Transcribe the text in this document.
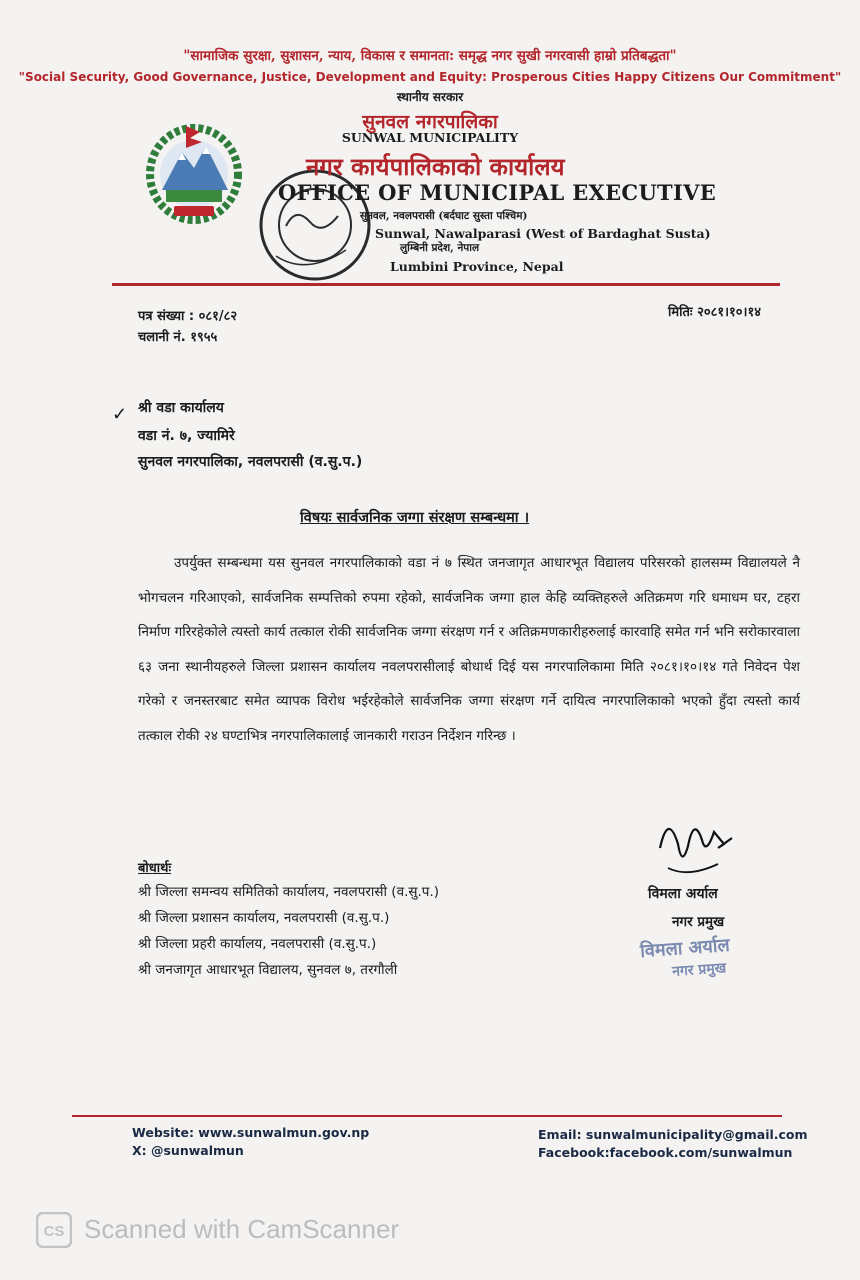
"सामाजिक सुरक्षा, सुशासन, न्याय, विकास र समानता: समृद्ध नगर सुखी नगरवासी हाम्रो प्रतिबद्धता"
"Social Security, Good Governance, Justice, Development and Equity: Prosperous Cities Happy Citizens Our Commitment"
स्थानीय सरकार
सुनवल नगरपालिका
SUNWAL MUNICIPALITY
नगर कार्यपालिकाको कार्यालय
OFFICE OF MUNICIPAL EXECUTIVE
सुनवल, नवलपरासी (बर्दघाट सुस्ता पश्चिम)
Sunwal, Nawalparasi (West of Bardaghat Susta)
लुम्बिनी प्रदेश, नेपाल
Lumbini Province, Nepal
पत्र संख्या : ०८१/८२
चलानी नं. १९५५
मितिः २०८१।१०।१४
✓ श्री वडा कार्यालय
वडा नं. ७, ज्यामिरे
सुनवल नगरपालिका, नवलपरासी (व.सु.प.)
विषयः सार्वजनिक जग्गा संरक्षण सम्बन्धमा ।
उपर्युक्त सम्बन्धमा यस सुनवल नगरपालिकाको वडा नं ७ स्थित जनजागृत आधारभूत विद्यालय परिसरको हालसम्म विद्यालयले नै भोगचलन गरिआएको, सार्वजनिक सम्पत्तिको रुपमा रहेको, सार्वजनिक जग्गा हाल केहि व्यक्तिहरुले अतिक्रमण गरि धमाधम घर, टहरा निर्माण गरिरहेकोले त्यस्तो कार्य तत्काल रोकी सार्वजनिक जग्गा संरक्षण गर्न र अतिक्रमणकारीहरुलाई कारवाहि समेत गर्न भनि सरोकारवाला ६३ जना स्थानीयहरुले जिल्ला प्रशासन कार्यालय नवलपरासीलाई बोधार्थ दिई यस नगरपालिकामा मिति २०८१।१०।१४ गते निवेदन पेश गरेको र जनस्तरबाट समेत व्यापक विरोध भईरहेकोले सार्वजनिक जग्गा संरक्षण गर्ने दायित्व नगरपालिकाको भएको हुँदा त्यस्तो कार्य तत्काल रोकी २४ घण्टाभित्र नगरपालिकालाई जानकारी गराउन निर्देशन गरिन्छ ।
बोधार्थः
श्री जिल्ला समन्वय समितिको कार्यालय, नवलपरासी (व.सु.प.)
श्री जिल्ला प्रशासन कार्यालय, नवलपरासी (व.सु.प.)
श्री जिल्ला प्रहरी कार्यालय, नवलपरासी (व.सु.प.)
श्री जनजागृत आधारभूत विद्यालय, सुनवल ७, तरगौली
विमला अर्याल
नगर प्रमुख
विमला अर्याल
नगर प्रमुख
Website: www.sunwalmun.gov.np
X: @sunwalmun
Email: sunwalmunicipality@gmail.com
Facebook:facebook.com/sunwalmun
CS Scanned with CamScanner
